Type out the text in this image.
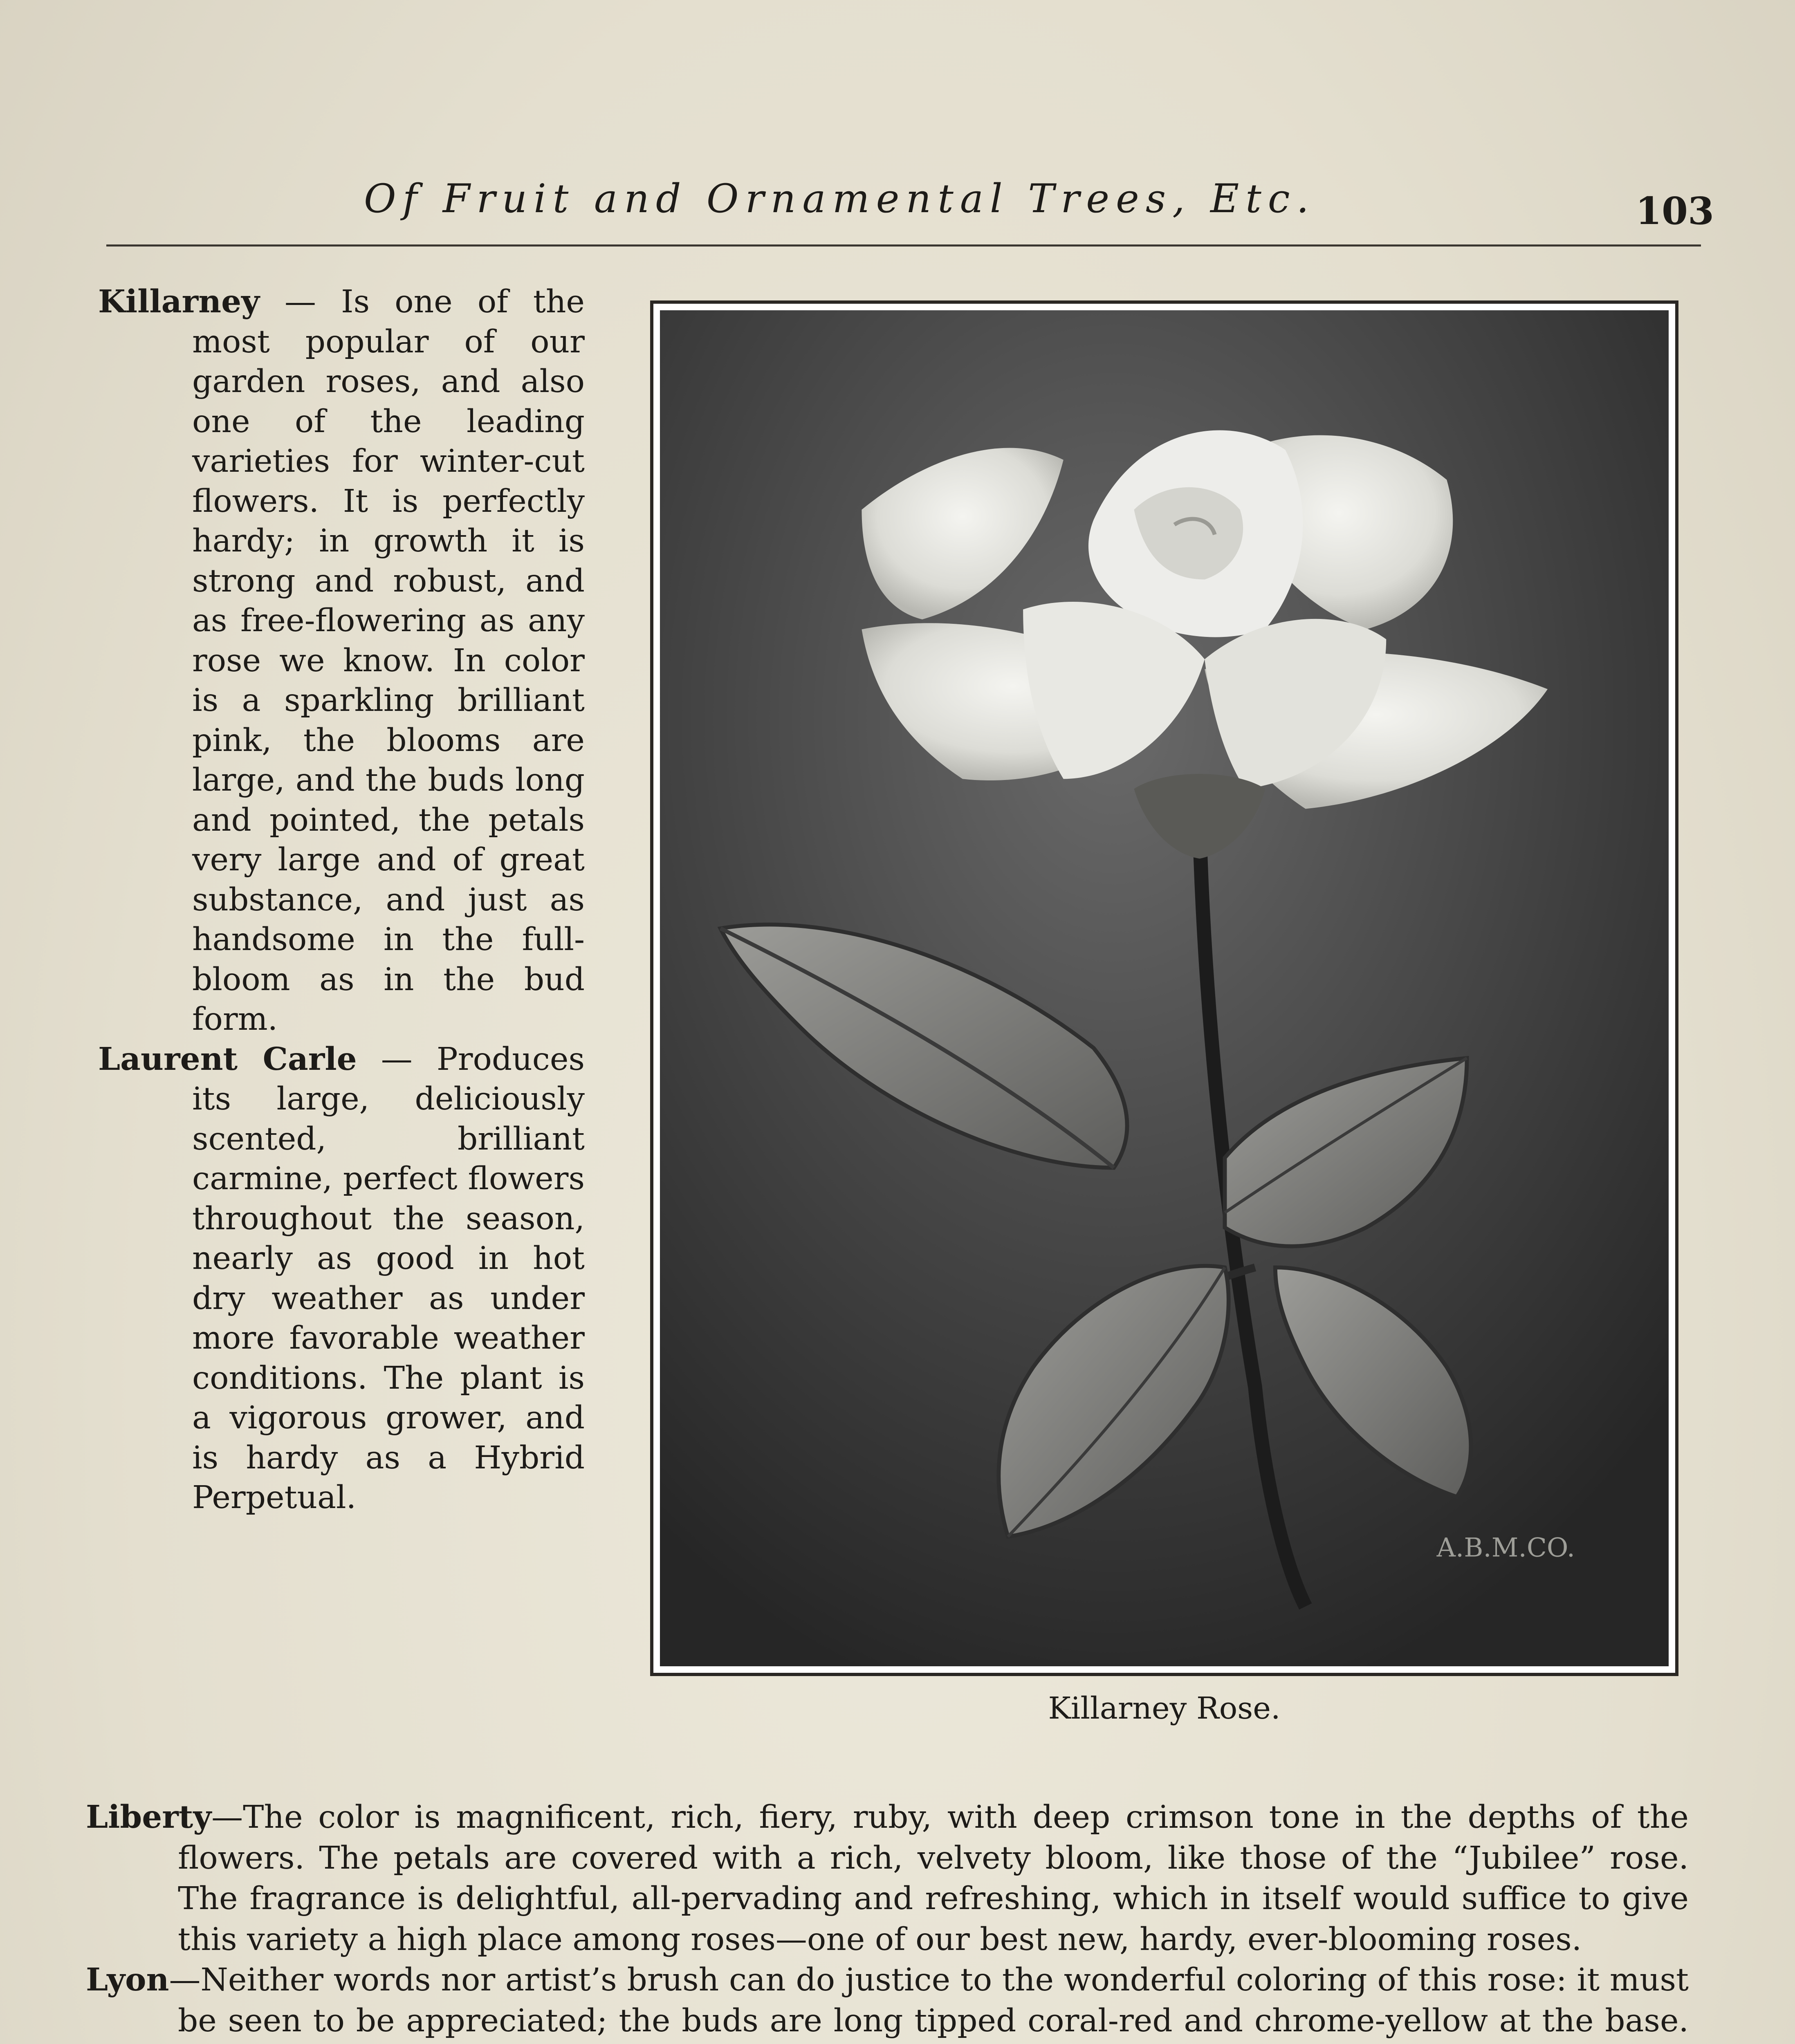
Of Fruit and Ornamental Trees, Etc.	103

Killarney — Is one of the most popular of our garden roses, and also one of the leading varieties for winter-cut flowers. It is perfectly hardy; in growth it is strong and robust, and as free-flowering as any rose we know. In color is a sparkling brilliant pink, the blooms are large, and the buds long and pointed, the petals very large and of great substance, and just as handsome in the full-bloom as in the bud form.

Laurent Carle — Produces its large, deliciously scented, brilliant carmine, perfect flowers throughout the season, nearly as good in hot dry weather as under more favorable weather conditions. The plant is a vigorous grower, and is hardy as a Hybrid Perpetual.

A.B.M.CO.
Killarney Rose.

Liberty—The color is magnificent, rich, fiery, ruby, with deep crimson tone in the depths of the flowers. The petals are covered with a rich, velvety bloom, like those of the “Jubilee” rose. The fragrance is delightful, all-pervading and refreshing, which in itself would suffice to give this variety a high place among roses—one of our best new, hardy, ever-blooming roses.

Lyon—Neither words nor artist’s brush can do justice to the wonderful coloring of this rose: it must be seen to be appreciated; the buds are long tipped coral-red and chrome-yellow at the base.
